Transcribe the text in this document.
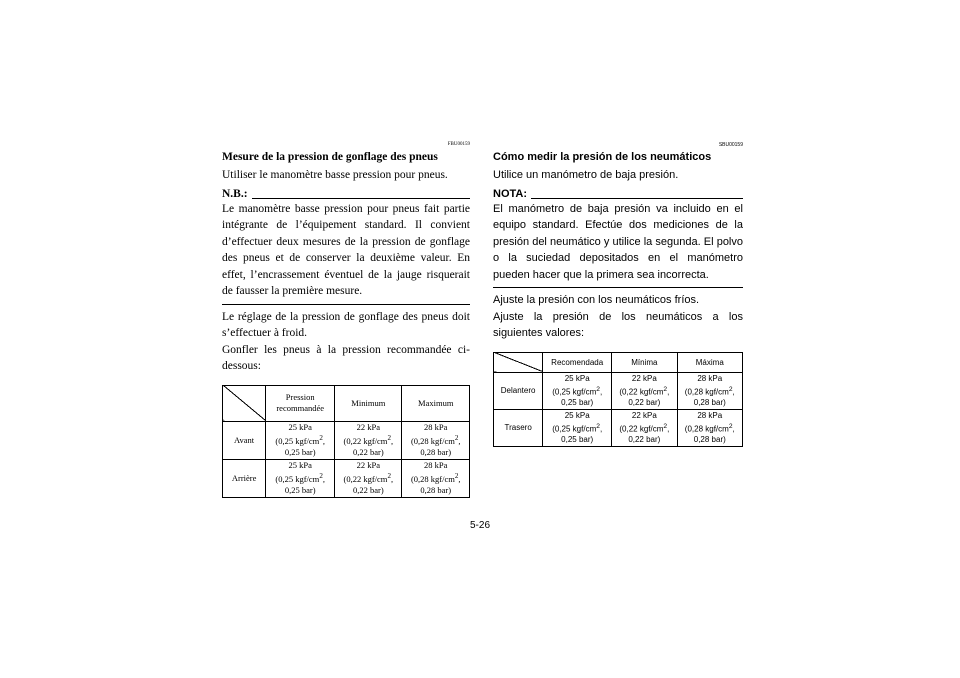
FBU00159
Mesure de la pression de gonflage des pneus

Utiliser le manomètre basse pression pour pneus.

N.B.:

Le manomètre basse pression pour pneus fait partie intégrante de l’équipement standard. Il convient d’effectuer deux mesures de la pression de gonflage des pneus et de conserver la deuxième valeur. En effet, l’encrassement éventuel de la jauge risquerait de fausser la première mesure.

Le réglage de la pression de gonflage des pneus doit s’effectuer à froid.

Gonfler les pneus à la pression recommandée ci-dessous:

	Pression recommandée	Minimum	Maximum
Avant	25 kPa
(0,25 kgf/$cm^2$,
0,25 bar)	22 kPa
(0,22 kgf/$cm^2$,
0,22 bar)	28 kPa
(0,28 kgf/$cm^2$,
0,28 bar)
Arrière	25 kPa
(0,25 kgf/$cm^2$,
0,25 bar)	22 kPa
(0,22 kgf/$cm^2$,
0,22 bar)	28 kPa
(0,28 kgf/$cm^2$,
0,28 bar)
SBU00159
Cómo medir la presión de los neumáticos

Utilice un manómetro de baja presión.

NOTA:

El manómetro de baja presión va incluido en el equipo standard. Efectúe dos mediciones de la presión del neumático y utilice la segunda. El polvo o la suciedad depositados en el manómetro pueden hacer que la primera sea incorrecta.

Ajuste la presión con los neumáticos fríos.

Ajuste la presión de los neumáticos a los siguientes valores:

	Recomendada	Mínima	Máxima
Delantero	25 kPa
(0,25 kgf/$cm^2$,
0,25 bar)	22 kPa
(0,22 kgf/$cm^2$,
0,22 bar)	28 kPa
(0,28 kgf/$cm^2$,
0,28 bar)
Trasero	25 kPa
(0,25 kgf/$cm^2$,
0,25 bar)	22 kPa
(0,22 kgf/$cm^2$,
0,22 bar)	28 kPa
(0,28 kgf/$cm^2$,
0,28 bar)
5-26
